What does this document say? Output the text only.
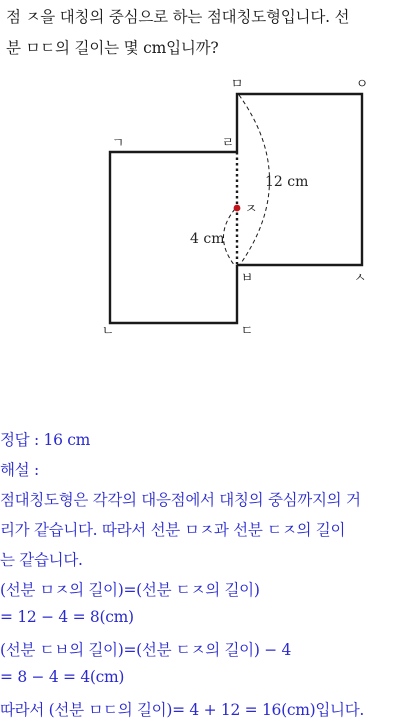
점 ㅈ을 대칭의 중심으로 하는 점대칭도형입니다. 선
분 ㅁㄷ의 길이는 몇 cm입니까?
ㄱ
ㄴ	ㄷ
ㄹ
ㅁ
ㅂ	ㅅ
ㅇ
ㅈ
12 cm
4 cm
정답 : 16 cm
해설 :
점대칭도형은 각각의 대응점에서 대칭의 중심까지의 거
리가 같습니다. 따라서 선분 ㅁㅈ과 선분 ㄷㅈ의 길이
는 같습니다.
(선분 ㅁㅈ의 길이)=(선분 ㄷㅈ의 길이)
= 12 − 4 = 8(cm)
(선분 ㄷㅂ의 길이)=(선분 ㄷㅈ의 길이) − 4
= 8 − 4 = 4(cm)
따라서 (선분 ㅁㄷ의 길이)= 4 + 12 = 16(cm)입니다.
